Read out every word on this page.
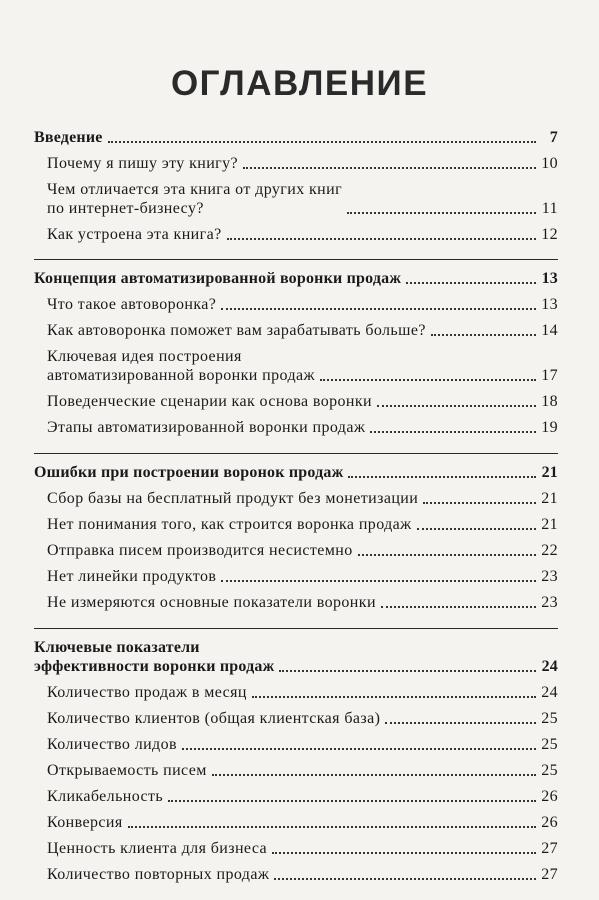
ОГЛАВЛЕНИЕ
Введение	7
Почему я пишу эту книгу?	10
Чем отличается эта книга от других книг
по интернет-бизнесу?	11
Как устроена эта книга?	12
Концепция автоматизированной воронки продаж	13
Что такое автоворонка?	13
Как автоворонка поможет вам зарабатывать больше?	14
Ключевая идея построения
автоматизированной воронки продаж	17
Поведенческие сценарии как основа воронки	18
Этапы автоматизированной воронки продаж	19
Ошибки при построении воронок продаж	21
Сбор базы на бесплатный продукт без монетизации	21
Нет понимания того, как строится воронка продаж	21
Отправка писем производится несистемно	22
Нет линейки продуктов	23
Не измеряются основные показатели воронки	23
Ключевые показатели
эффективности воронки продаж	24
Количество продаж в месяц	24
Количество клиентов (общая клиентская база)	25
Количество лидов	25
Открываемость писем	25
Кликабельность	26
Конверсия	26
Ценность клиента для бизнеса	27
Количество повторных продаж	27
